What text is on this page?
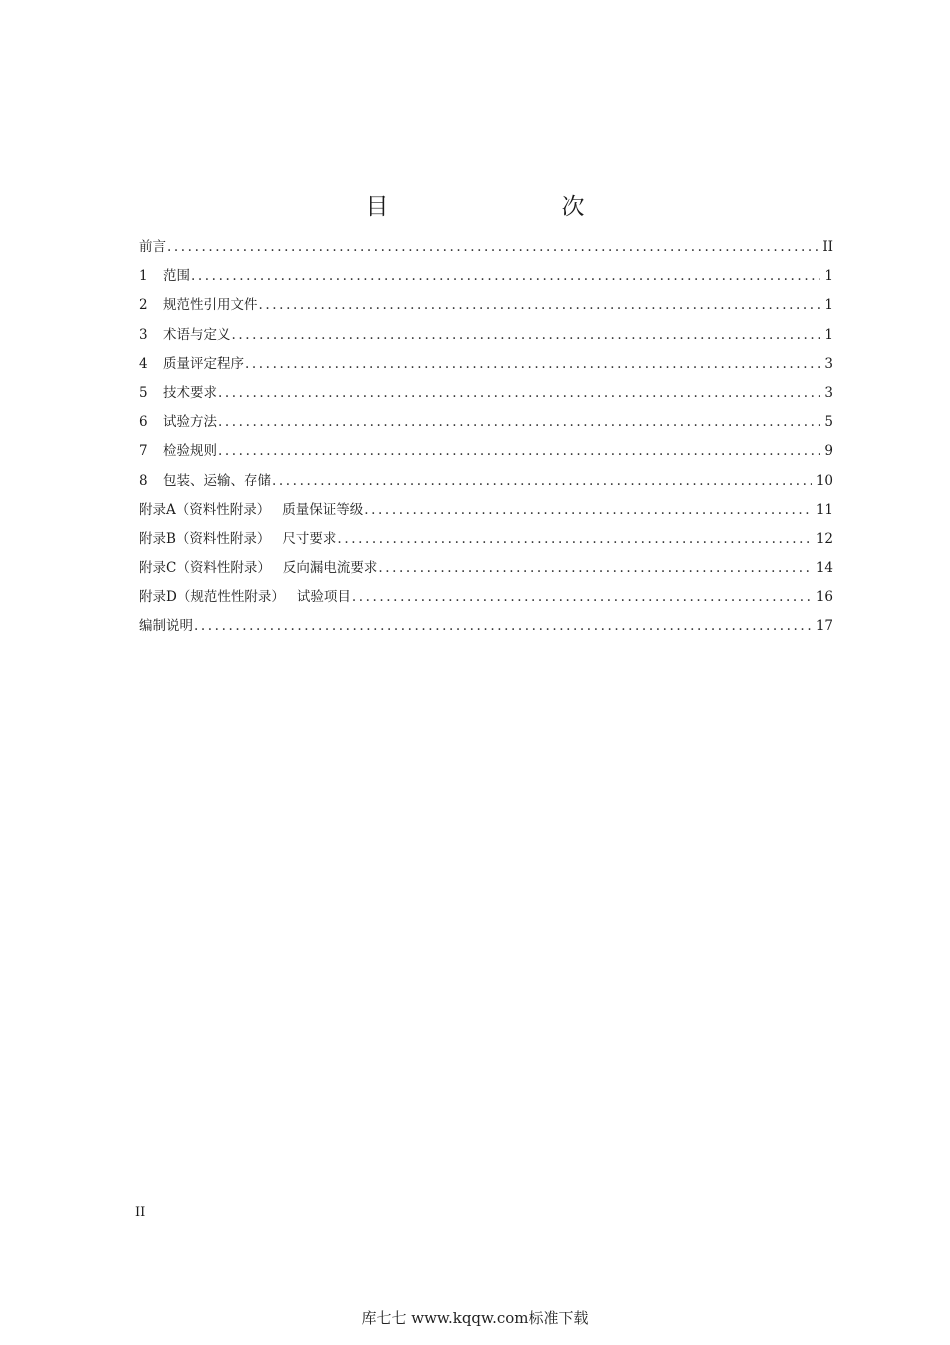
目 次
前言 .....	II
1	范围 .....	1
2	规范性引用文件 .....	1
3	术语与定义 .....	1
4	质量评定程序 .....	3
5	技术要求 .....	3
6	试验方法 .....	5
7	检验规则 .....	9
8	包装、运输、存储 .....	10
附录A（资料性附录） 质量保证等级 .....	11
附录B（资料性附录） 尺寸要求 .....	12
附录C（资料性附录） 反向漏电流要求 .....	14
附录D（规范性性附录） 试验项目 .....	16
编制说明 .....	17
II
库七七 www.kqqw.com标准下载
